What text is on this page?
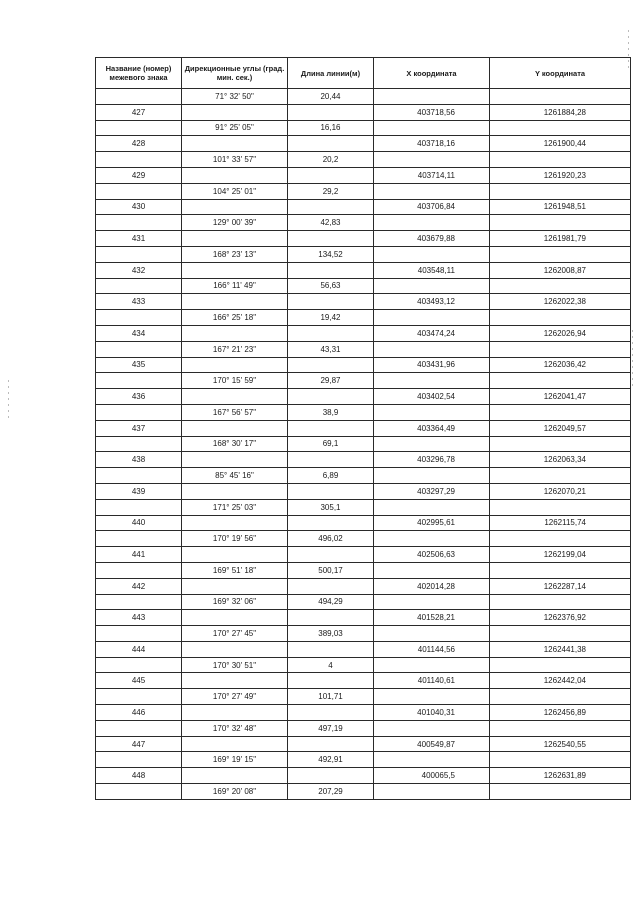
Название (номер) межевого знака	Дирекционные углы (град. мин. сек.)	Длина линии(м)	X координата	Y координата
	71° 32' 50"	20,44		
427			403718,56	1261884,28
	91° 25' 05"	16,16		
428			403718,16	1261900,44
	101° 33' 57"	20,2		
429			403714,11	1261920,23
	104° 25' 01"	29,2		
430			403706,84	1261948,51
	129° 00' 39"	42,83		
431			403679,88	1261981,79
	168° 23' 13"	134,52		
432			403548,11	1262008,87
	166° 11' 49"	56,63		
433			403493,12	1262022,38
	166° 25' 18"	19,42		
434			403474,24	1262026,94
	167° 21' 23"	43,31		
435			403431,96	1262036,42
	170° 15' 59"	29,87		
436			403402,54	1262041,47
	167° 56' 57"	38,9		
437			403364,49	1262049,57
	168° 30' 17"	69,1		
438			403296,78	1262063,34
	85° 45' 16"	6,89		
439			403297,29	1262070,21
	171° 25' 03"	305,1		
440			402995,61	1262115,74
	170° 19' 56"	496,02		
441			402506,63	1262199,04
	169° 51' 18"	500,17		
442			402014,28	1262287,14
	169° 32' 06"	494,29		
443			401528,21	1262376,92
	170° 27' 45"	389,03		
444			401144,56	1262441,38
	170° 30' 51"	4		
445			401140,61	1262442,04
	170° 27' 49"	101,71		
446			401040,31	1262456,89
	170° 32' 48"	497,19		
447			400549,87	1262540,55
	169° 19' 15"	492,91		
448			400065,5	1262631,89
	169° 20' 08"	207,29		
